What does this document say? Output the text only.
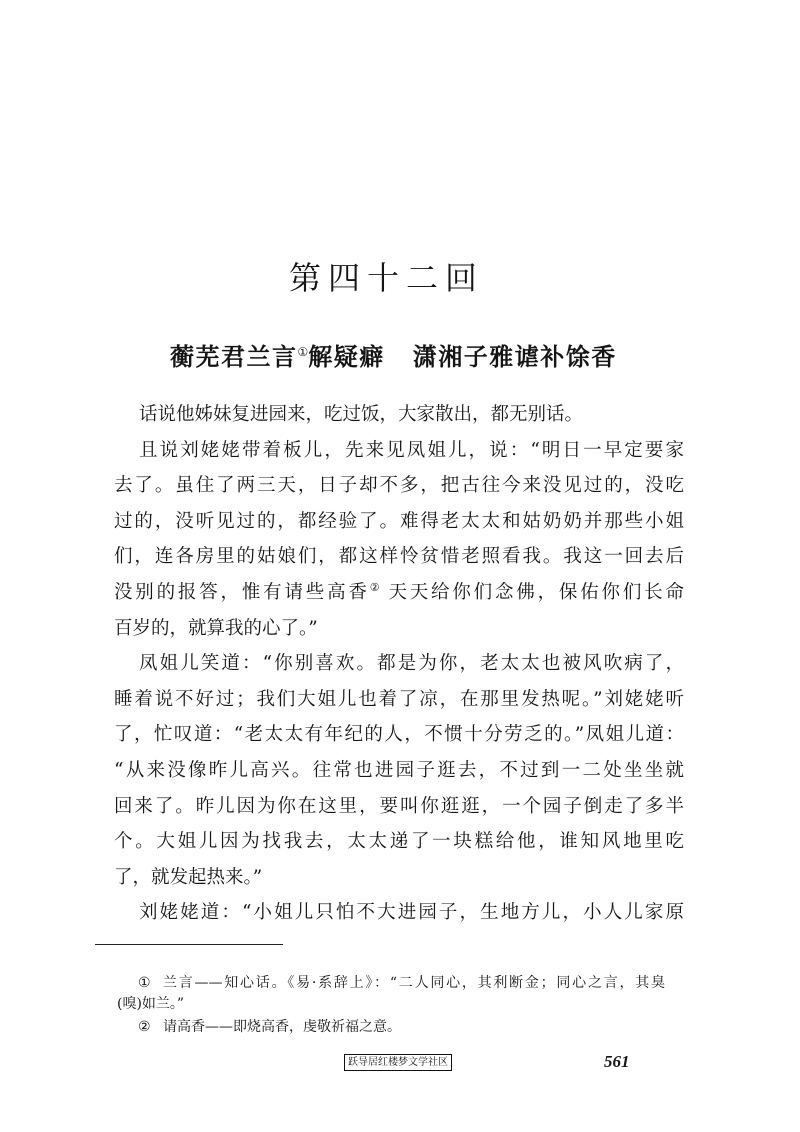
第四十二回
蘅芜君兰言①解疑癖 潇湘子雅谑补馀香
话说他姊妹复进园来，吃过饭，大家散出，都无别话。
且说刘姥姥带着板儿，先来见凤姐儿，说：“明日一早定要家
去了。虽住了两三天，日子却不多，把古往今来没见过的，没吃
过的，没听见过的，都经验了。难得老太太和姑奶奶并那些小姐
们，连各房里的姑娘们，都这样怜贫惜老照看我。我这一回去后
没别的报答，惟有请些高香② 天天给你们念佛，保佑你们长命
百岁的，就算我的心了。”
凤姐儿笑道：“你别喜欢。都是为你，老太太也被风吹病了，
睡着说不好过；我们大姐儿也着了凉，在那里发热呢。”刘姥姥听
了，忙叹道：“老太太有年纪的人，不惯十分劳乏的。”凤姐儿道：
“从来没像昨儿高兴。往常也进园子逛去，不过到一二处坐坐就
回来了。昨儿因为你在这里，要叫你逛逛，一个园子倒走了多半
个。大姐儿因为找我去，太太递了一块糕给他，谁知风地里吃
了，就发起热来。”
刘姥姥道：“小姐儿只怕不大进园子，生地方儿，小人儿家原
① 兰言——知心话。《易·系辞上》：“二人同心，其利断金；同心之言，其臭
(嗅)如兰。”
② 请高香——即烧高香，虔敬祈福之意。
跃导居红楼梦文学社区	561
